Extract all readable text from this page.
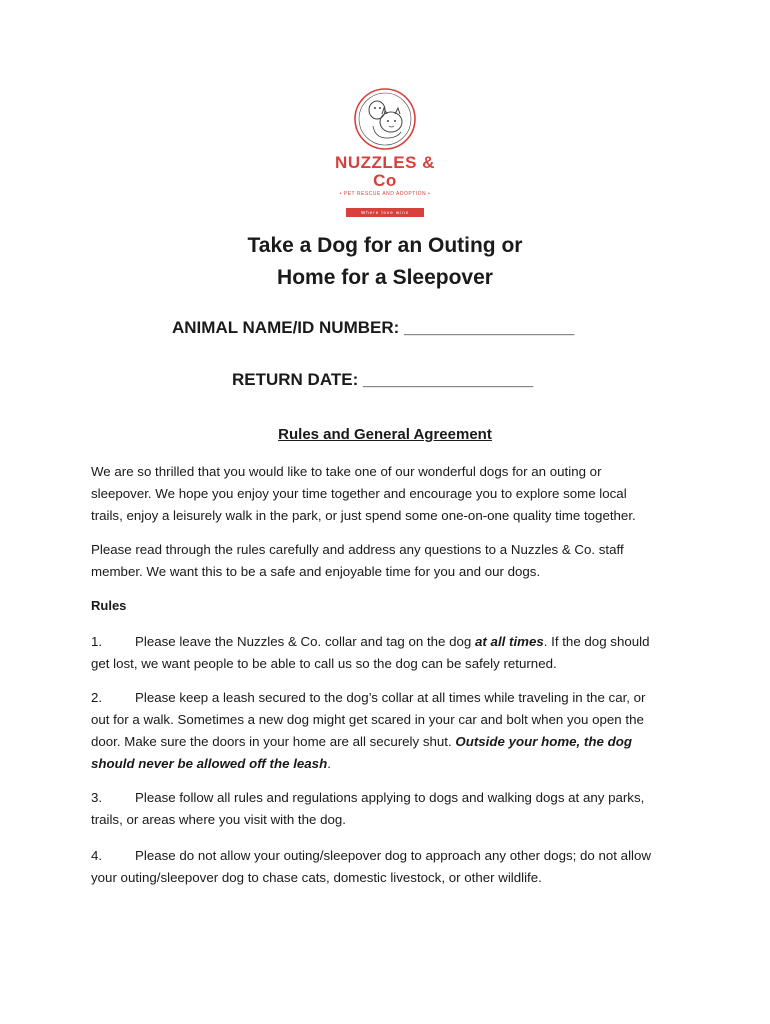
NUZZLES & Co
• PET RESCUE AND ADOPTION •
Where love wins
Take a Dog for an Outing or
Home for a Sleepover
ANIMAL NAME/ID NUMBER: __________________
RETURN DATE: __________________
Rules and General Agreement
We are so thrilled that you would like to take one of our wonderful dogs for an outing or
sleepover. We hope you enjoy your time together and encourage you to explore some local
trails, enjoy a leisurely walk in the park, or just spend some one-on-one quality time together.
Please read through the rules carefully and address any questions to a Nuzzles & Co. staff
member. We want this to be a safe and enjoyable time for you and our dogs.
Rules
1. Please leave the Nuzzles & Co. collar and tag on the dog at all times. If the dog should
get lost, we want people to be able to call us so the dog can be safely returned.
2. Please keep a leash secured to the dog’s collar at all times while traveling in the car, or
out for a walk. Sometimes a new dog might get scared in your car and bolt when you open the
door. Make sure the doors in your home are all securely shut. Outside your home, the dog
should never be allowed off the leash.
3. Please follow all rules and regulations applying to dogs and walking dogs at any parks,
trails, or areas where you visit with the dog.
4. Please do not allow your outing/sleepover dog to approach any other dogs; do not allow
your outing/sleepover dog to chase cats, domestic livestock, or other wildlife.
